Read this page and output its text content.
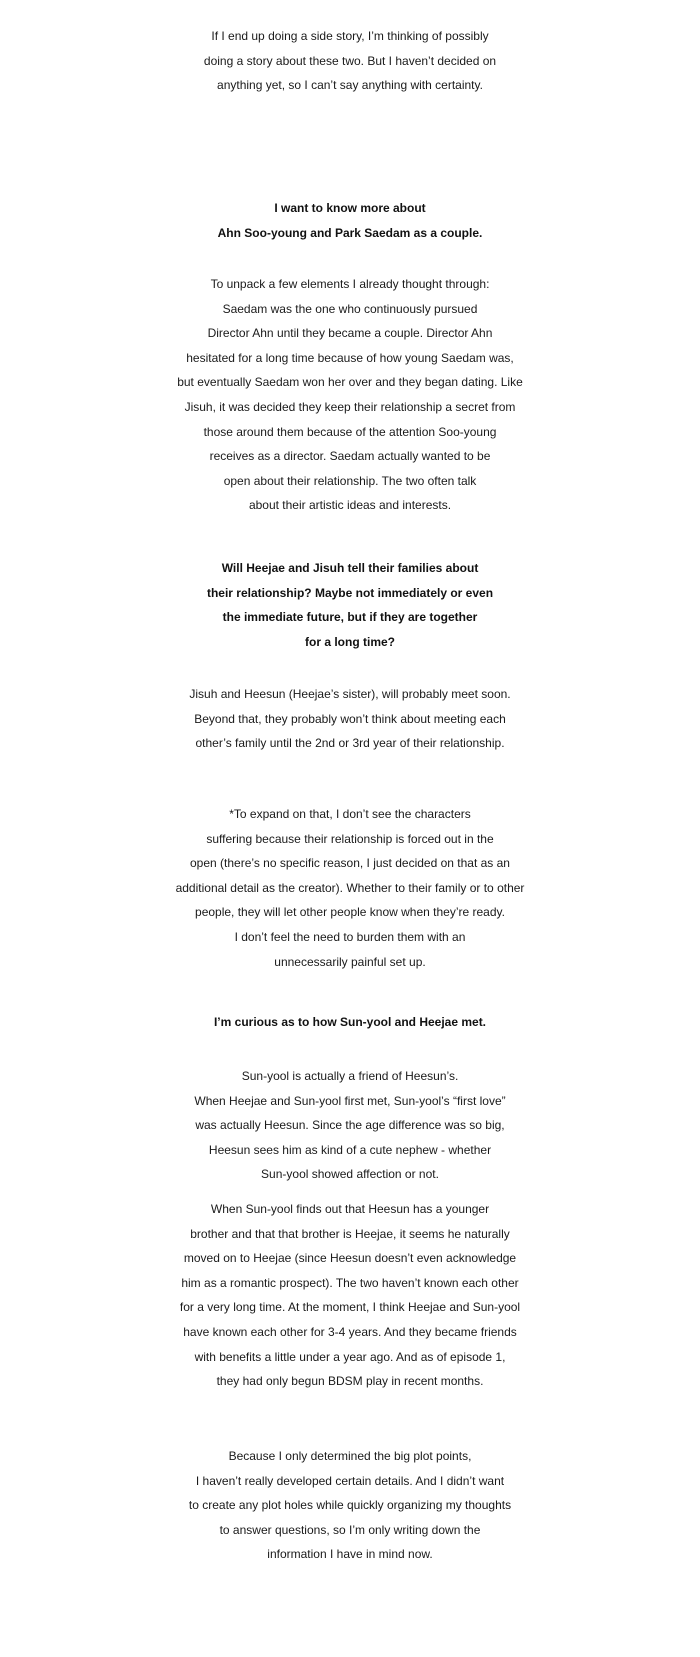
If I end up doing a side story, I’m thinking of possibly
doing a story about these two. But I haven’t decided on
anything yet, so I can’t say anything with certainty.
I want to know more about
Ahn Soo-young and Park Saedam as a couple.
To unpack a few elements I already thought through:
Saedam was the one who continuously pursued
Director Ahn until they became a couple. Director Ahn
hesitated for a long time because of how young Saedam was,
but eventually Saedam won her over and they began dating. Like
Jisuh, it was decided they keep their relationship a secret from
those around them because of the attention Soo-young
receives as a director. Saedam actually wanted to be
open about their relationship. The two often talk
about their artistic ideas and interests.
Will Heejae and Jisuh tell their families about
their relationship? Maybe not immediately or even
the immediate future, but if they are together
for a long time?
Jisuh and Heesun (Heejae’s sister), will probably meet soon.
Beyond that, they probably won’t think about meeting each
other’s family until the 2nd or 3rd year of their relationship.
*To expand on that, I don’t see the characters
suffering because their relationship is forced out in the
open (there’s no specific reason, I just decided on that as an
additional detail as the creator). Whether to their family or to other
people, they will let other people know when they’re ready.
I don’t feel the need to burden them with an
unnecessarily painful set up.
I’m curious as to how Sun-yool and Heejae met.
Sun-yool is actually a friend of Heesun’s.
When Heejae and Sun-yool first met, Sun-yool’s “first love”
was actually Heesun. Since the age difference was so big,
Heesun sees him as kind of a cute nephew - whether
Sun-yool showed affection or not.
When Sun-yool finds out that Heesun has a younger
brother and that that brother is Heejae, it seems he naturally
moved on to Heejae (since Heesun doesn’t even acknowledge
him as a romantic prospect). The two haven’t known each other
for a very long time. At the moment, I think Heejae and Sun-yool
have known each other for 3-4 years. And they became friends
with benefits a little under a year ago. And as of episode 1,
they had only begun BDSM play in recent months.
Because I only determined the big plot points,
I haven’t really developed certain details. And I didn’t want
to create any plot holes while quickly organizing my thoughts
to answer questions, so I’m only writing down the
information I have in mind now.
